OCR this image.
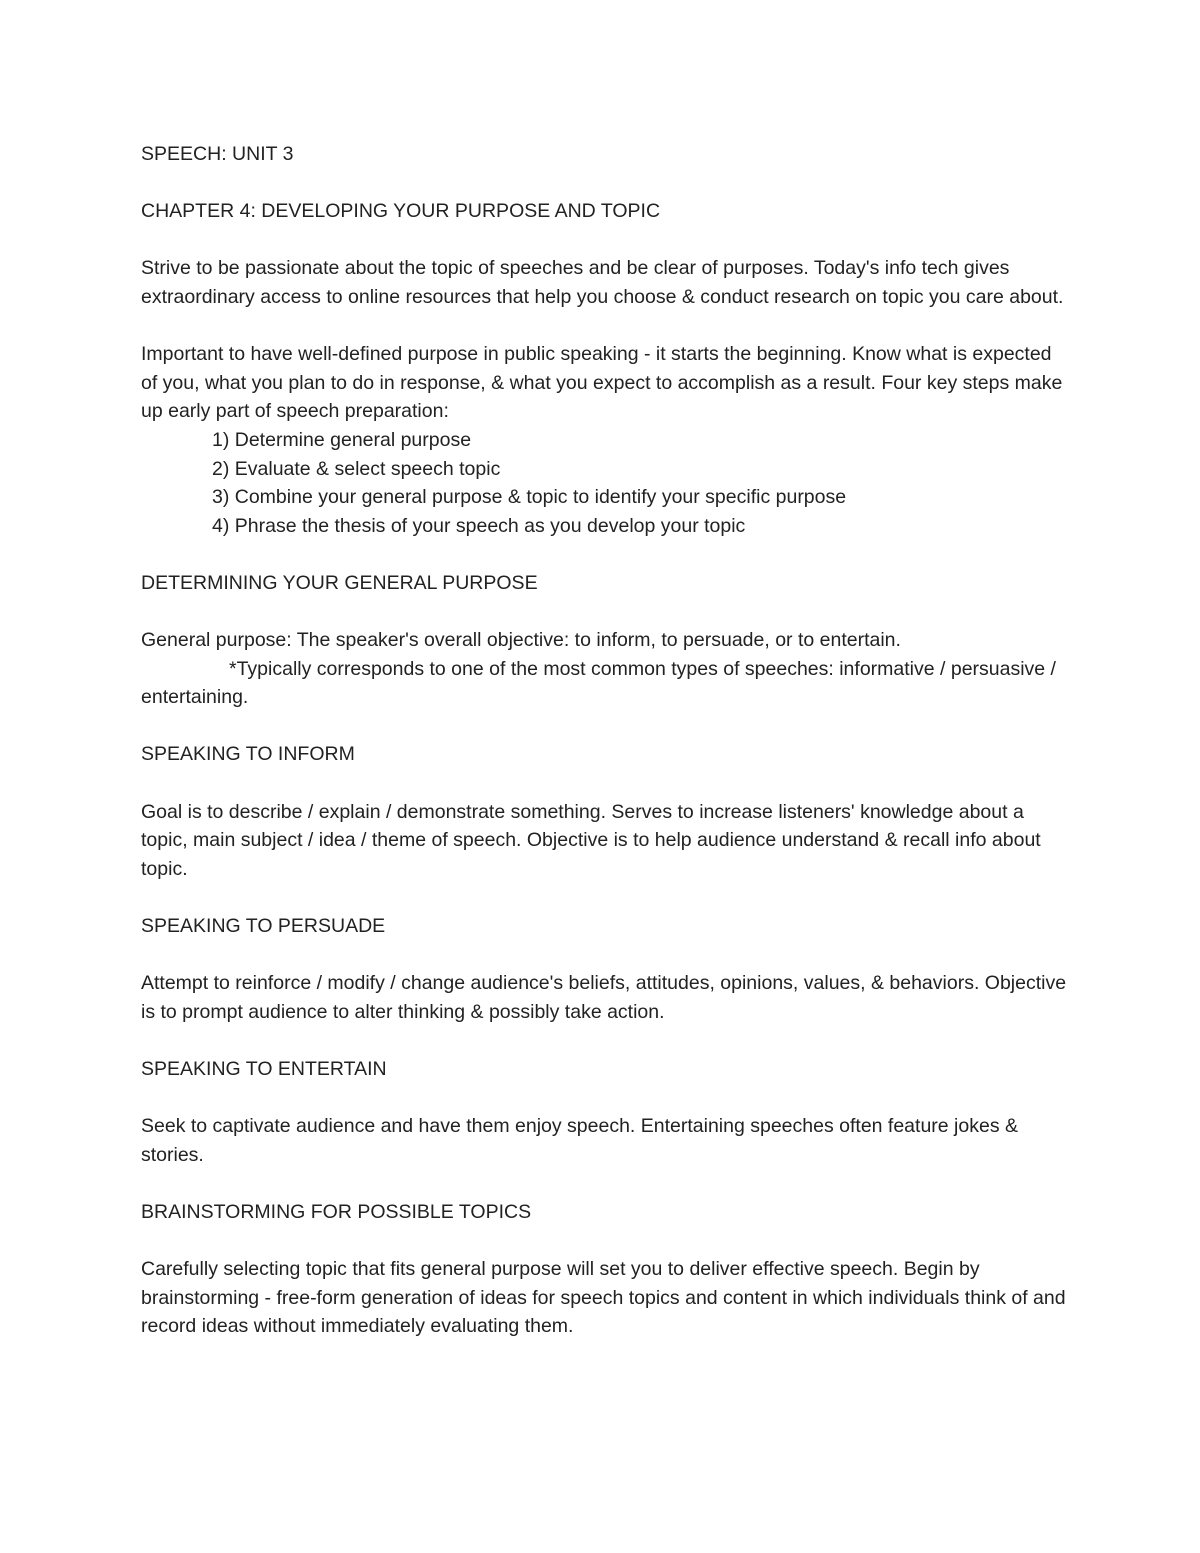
SPEECH: UNIT 3

CHAPTER 4: DEVELOPING YOUR PURPOSE AND TOPIC

Strive to be passionate about the topic of speeches and be clear of purposes. Today's info tech gives extraordinary access to online resources that help you choose & conduct research on topic you care about.

Important to have well-defined purpose in public speaking - it starts the beginning. Know what is expected of you, what you plan to do in response, & what you expect to accomplish as a result. Four key steps make up early part of speech preparation:

1) Determine general purpose
2) Evaluate & select speech topic
3) Combine your general purpose & topic to identify your specific purpose
4) Phrase the thesis of your speech as you develop your topic

DETERMINING YOUR GENERAL PURPOSE

General purpose: The speaker's overall objective: to inform, to persuade, or to entertain.

*Typically corresponds to one of the most common types of speeches: informative / persuasive / entertaining.

SPEAKING TO INFORM

Goal is to describe / explain / demonstrate something. Serves to increase listeners' knowledge about a topic, main subject / idea / theme of speech. Objective is to help audience understand & recall info about topic.

SPEAKING TO PERSUADE

Attempt to reinforce / modify / change audience's beliefs, attitudes, opinions, values, & behaviors. Objective is to prompt audience to alter thinking & possibly take action.

SPEAKING TO ENTERTAIN

Seek to captivate audience and have them enjoy speech. Entertaining speeches often feature jokes & stories.

BRAINSTORMING FOR POSSIBLE TOPICS

Carefully selecting topic that fits general purpose will set you to deliver effective speech. Begin by brainstorming - free-form generation of ideas for speech topics and content in which individuals think of and record ideas without immediately evaluating them.
